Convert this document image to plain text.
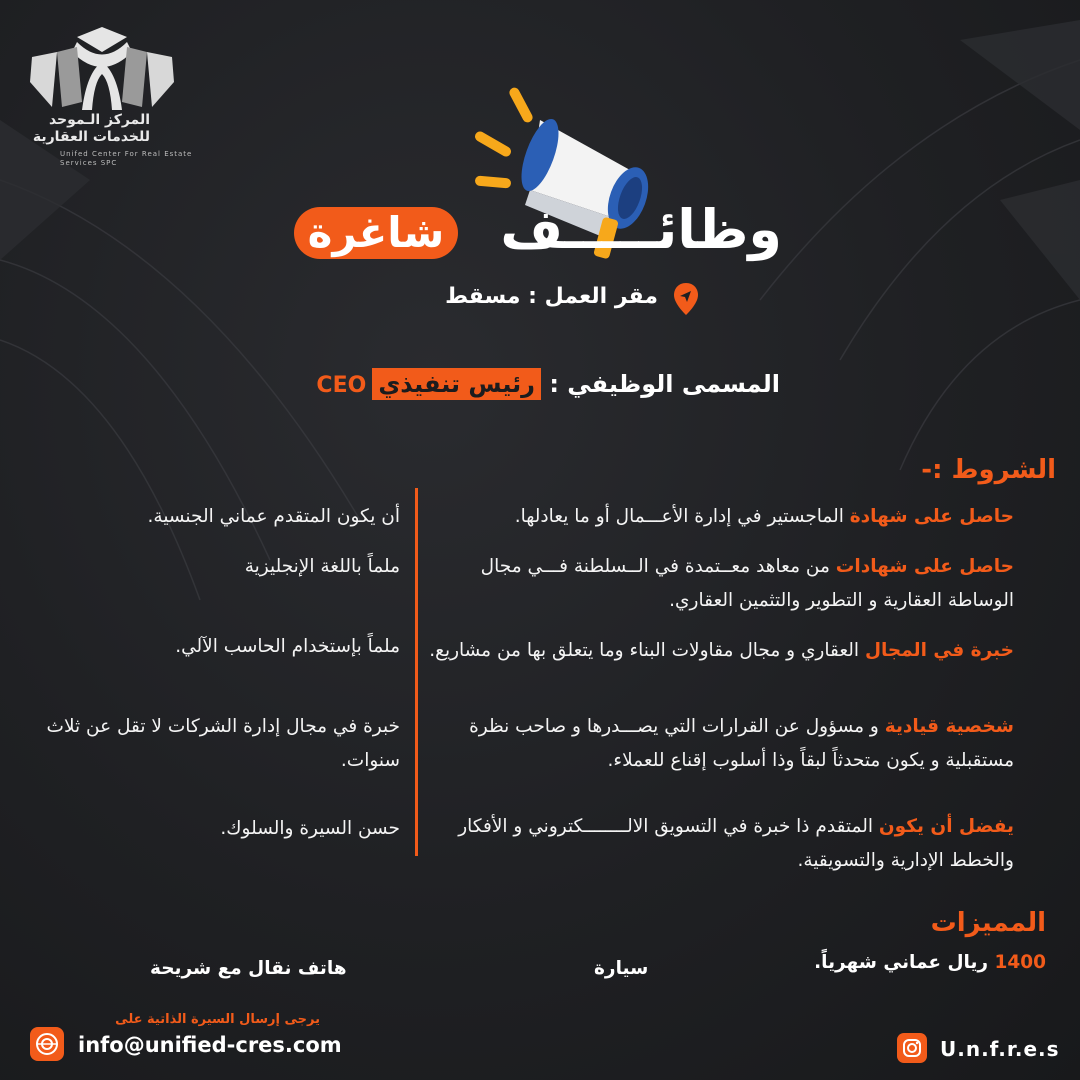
المركز الـموحد للخدمات العقارية
Unifed Center For Real Estate Services SPC
شاغرة	وظائـــــف
مقر العمل : مسقط
المسمى الوظيفي : رئيس تنفيذيCEO
الشروط :-
حاصل على شهادة الماجستير في إدارة الأعـــمال أو ما يعادلها.
حاصل على شهادات من معاهد معــتمدة في الــسلطنة فـــي مجال الوساطة العقارية و التطوير والتثمين العقاري.
خبرة في المجال العقاري و مجال مقاولات البناء وما يتعلق بها من مشاريع.
شخصية قيادية و مسؤول عن القرارات التي يصـــدرها و صاحب نظرة مستقبلية و يكون متحدثاً لبقاً وذا أسلوب إقناع للعملاء.
يفضل أن يكون المتقدم ذا خبرة في التسويق الالــــــــكتروني و الأفكار والخطط الإدارية والتسويقية.
أن يكون المتقدم عماني الجنسية.
ملماً باللغة الإنجليزية
ملماً بإستخدام الحاسب الآلي.
خبرة في مجال إدارة الشركات لا تقل عن ثلاث سنوات.
حسن السيرة والسلوك.
المميزات
1400 ريال عماني شهرياً.
سيارة
هاتف نقال مع شريحة
يرجى إرسال السيرة الذاتية على
info@unified-cres.com	U.n.f.r.e.s
